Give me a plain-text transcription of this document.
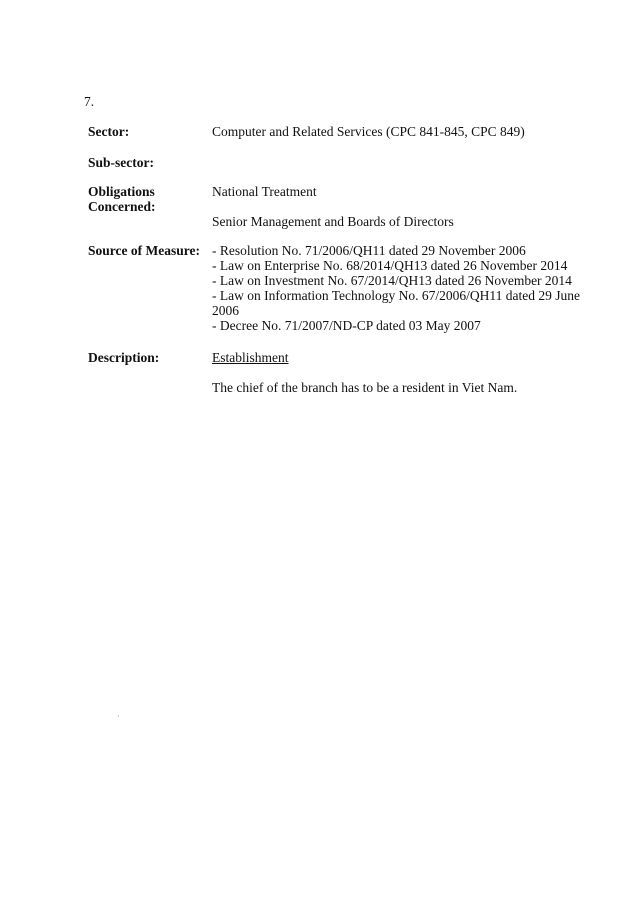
7.
Sector:	Computer and Related Services (CPC 841-845, CPC 849)
Sub-sector:
Obligations
Concerned:
National Treatment
Senior Management and Boards of Directors
Source of Measure: - Resolution No. 71/2006/QH11 dated 29 November 2006
- Law on Enterprise No. 68/2014/QH13 dated 26 November 2014
- Law on Investment No. 67/2014/QH13 dated 26 November 2014
- Law on Information Technology No. 67/2006/QH11 dated 29 June
2006
- Decree No. 71/2007/ND-CP dated 03 May 2007
Description:	Establishment
The chief of the branch has to be a resident in Viet Nam.
·
